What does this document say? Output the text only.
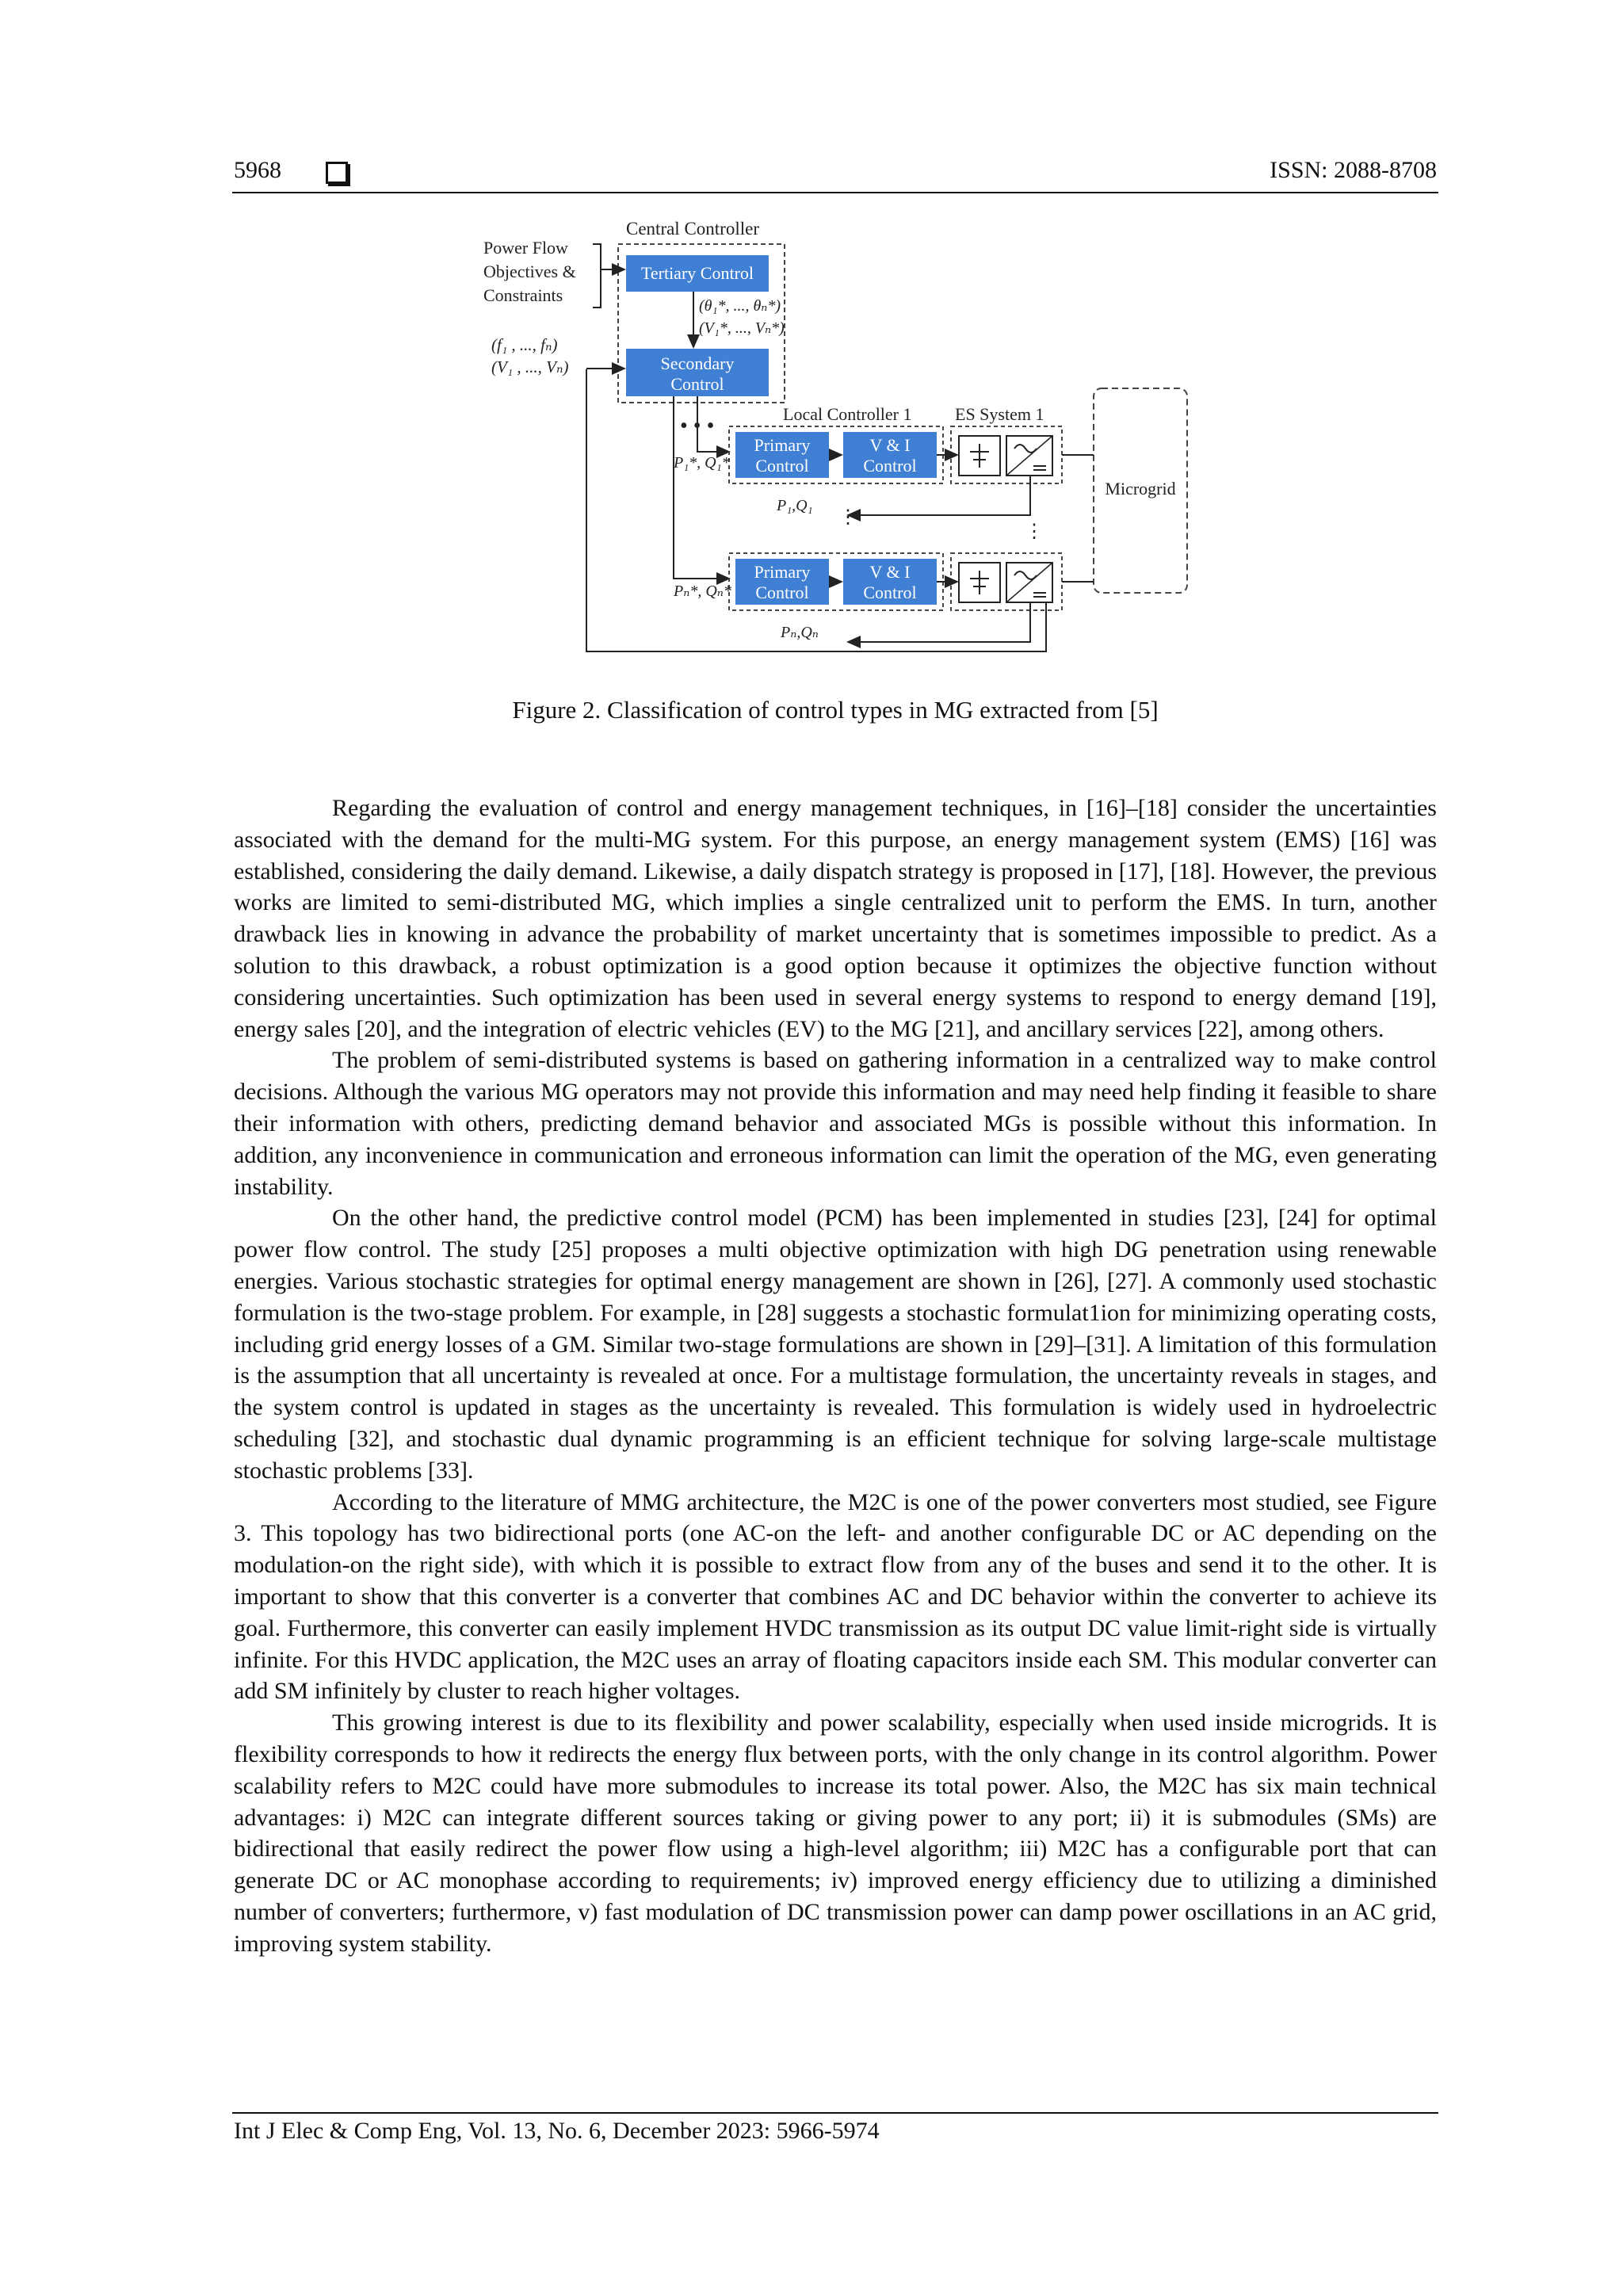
5968	ISSN: 2088-8708
Central Controller
Power Flow
Objectives &
Constraints
Tertiary Control
(θ₁*, ..., θₙ*)
(V₁*, ..., Vₙ*)
(f₁ , ..., fₙ)
(V₁ , ..., Vₙ)	Secondary
Control
• • •	Local Controller 1
Primary
Control
V & I
Control
P₁*, Q₁*
ES System 1
P₁,Q₁
⋮
⋮
Primary
Control
V & I
Control
Pₙ*, Qₙ*
Pₙ,Qₙ
Microgrid
Figure 2. Classification of control types in MG extracted from [5]

Regarding the evaluation of control and energy management techniques, in [16]–[18] consider the uncertainties associated with the demand for the multi-MG system. For this purpose, an energy management system (EMS) [16] was established, considering the daily demand. Likewise, a daily dispatch strategy is proposed in [17], [18]. However, the previous works are limited to semi-distributed MG, which implies a single centralized unit to perform the EMS. In turn, another drawback lies in knowing in advance the probability of market uncertainty that is sometimes impossible to predict. As a solution to this drawback, a robust optimization is a good option because it optimizes the objective function without considering uncertainties. Such optimization has been used in several energy systems to respond to energy demand [19], energy sales [20], and the integration of electric vehicles (EV) to the MG [21], and ancillary services [22], among others.

The problem of semi-distributed systems is based on gathering information in a centralized way to make control decisions. Although the various MG operators may not provide this information and may need help finding it feasible to share their information with others, predicting demand behavior and associated MGs is possible without this information. In addition, any inconvenience in communication and erroneous information can limit the operation of the MG, even generating instability.

On the other hand, the predictive control model (PCM) has been implemented in studies [23], [24] for optimal power flow control. The study [25] proposes a multi objective optimization with high DG penetration using renewable energies. Various stochastic strategies for optimal energy management are shown in [26], [27]. A commonly used stochastic formulation is the two-stage problem. For example, in [28] suggests a stochastic formulat1ion for minimizing operating costs, including grid energy losses of a GM. Similar two-stage formulations are shown in [29]–[31]. A limitation of this formulation is the assumption that all uncertainty is revealed at once. For a multistage formulation, the uncertainty reveals in stages, and the system control is updated in stages as the uncertainty is revealed. This formulation is widely used in hydroelectric scheduling [32], and stochastic dual dynamic programming is an efficient technique for solving large-scale multistage stochastic problems [33].

According to the literature of MMG architecture, the M2C is one of the power converters most studied, see Figure 3. This topology has two bidirectional ports (one AC-on the left- and another configurable DC or AC depending on the modulation-on the right side), with which it is possible to extract flow from any of the buses and send it to the other. It is important to show that this converter is a converter that combines AC and DC behavior within the converter to achieve its goal. Furthermore, this converter can easily implement HVDC transmission as its output DC value limit-right side is virtually infinite. For this HVDC application, the M2C uses an array of floating capacitors inside each SM. This modular converter can add SM infinitely by cluster to reach higher voltages.

This growing interest is due to its flexibility and power scalability, especially when used inside microgrids. It is flexibility corresponds to how it redirects the energy flux between ports, with the only change in its control algorithm. Power scalability refers to M2C could have more submodules to increase its total power. Also, the M2C has six main technical advantages: i) M2C can integrate different sources taking or giving power to any port; ii) it is submodules (SMs) are bidirectional that easily redirect the power flow using a high-level algorithm; iii) M2C has a configurable port that can generate DC or AC monophase according to requirements; iv) improved energy efficiency due to utilizing a diminished number of converters; furthermore, v) fast modulation of DC transmission power can damp power oscillations in an AC grid, improving system stability.

Int J Elec & Comp Eng, Vol. 13, No. 6, December 2023: 5966-5974
